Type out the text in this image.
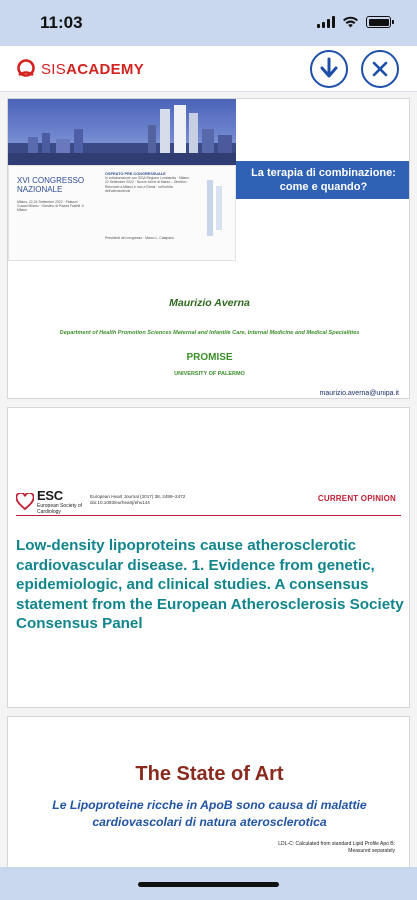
11:03
SISACADEMY
XVI CONGRESSO NAZIONALE
Milano, 22-24 Settembre 2022 · Palazzo Cusani Milano · Giardino di Piazza Fratelli Ji Milano
OSPRATO PRE-CONGRESSUALE
In collaborazione con SISA Regione Lombardia · Milano 22 Settembre 2022 · Nuove forme di Marzo – Direttivo · Ritrovarsi a Milano e non a Roma · nell'orbita dell'aterosclerosi
Presidenti del congresso · Marco L. Catapano
La terapia di combinazione: come e quando?
Maurizio Averna
Department of Health Promotion Sciences Maternal and Infantile Care, Internal Medicine and Medical Specialities
PROMISE
UNIVERSITY OF PALERMO
maurizio.averna@unipa.it
ESC
European Society of Cardiology
European Heart Journal (2017) 38, 2459–2472 doi:10.1093/eurheartj/ehx144	CURRENT OPINION
Low-density lipoproteins cause atherosclerotic cardiovascular disease. 1. Evidence from genetic, epidemiologic, and clinical studies. A consensus statement from the European Atherosclerosis Society Consensus Panel
The State of Art
Le Lipoproteine ricche in ApoB sono causa di malattie cardiovascolari di natura aterosclerotica
LDL-C: Calculated from standard Lipid Profile Apo B: Measured separately
